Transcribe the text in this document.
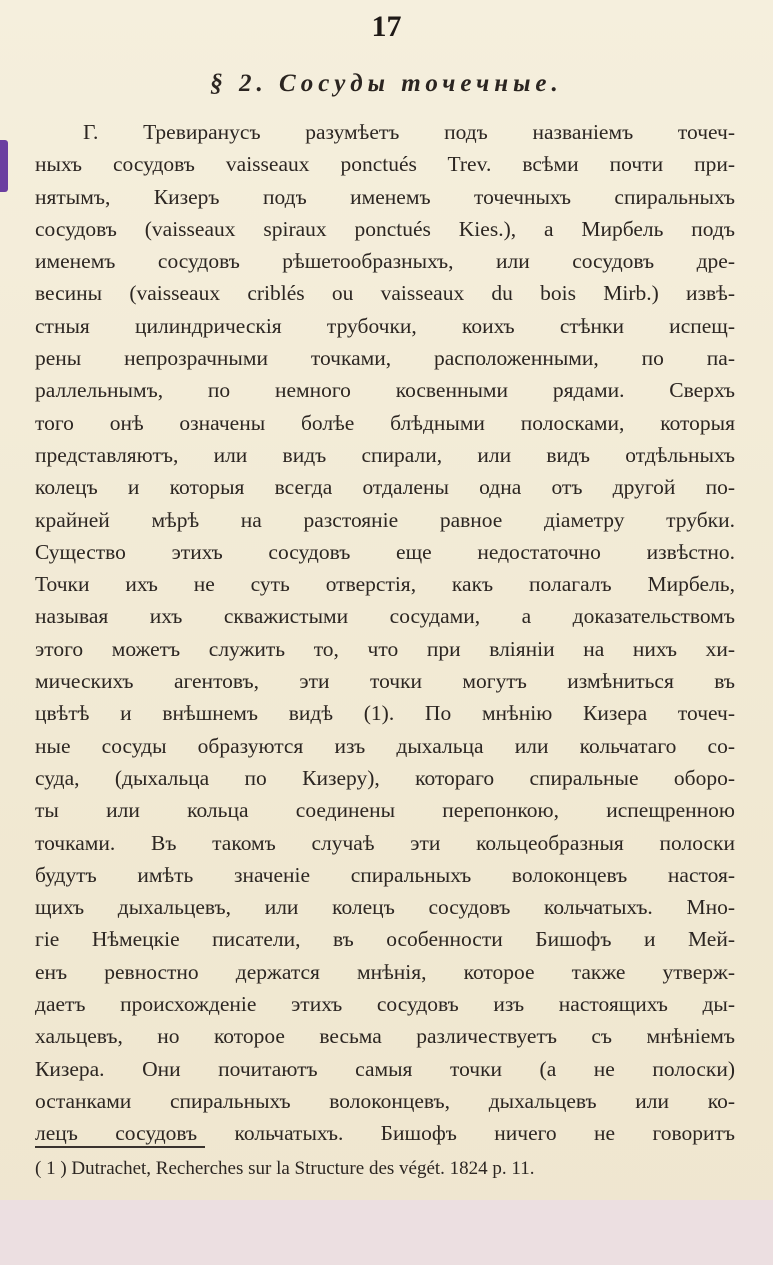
17
§ 2. Сосуды точечные.
Г. Тревиранусъ разумѣетъ подъ названіемъ точеч-
ныхъ сосудовъ vaisseaux ponctués Trev. всѣми почти при-
нятымъ, Кизеръ подъ именемъ точечныхъ спиральныхъ
сосудовъ (vaisseaux spiraux ponctués Kies.), а Мирбель подъ
именемъ сосудовъ рѣшетообразныхъ, или сосудовъ дре-
весины (vaisseaux criblés ou vaisseaux du bois Mirb.) извѣ-
стныя цилиндрическія трубочки, коихъ стѣнки испещ-
рены непрозрачными точками, расположенными, по па-
раллельнымъ, по немного косвенными рядами. Сверхъ
того онѣ означены болѣе блѣдными полосками, которыя
представляютъ, или видъ спирали, или видъ отдѣльныхъ
колецъ и которыя всегда отдалены одна отъ другой по-
крайней мѣрѣ на разстояніе равное діаметру трубки.
Существо этихъ сосудовъ еще недостаточно извѣстно.
Точки ихъ не суть отверстія, какъ полагалъ Мирбель,
называя ихъ скважистыми сосудами, а доказательствомъ
этого можетъ служить то, что при вліяніи на нихъ хи-
мическихъ агентовъ, эти точки могутъ измѣниться въ
цвѣтѣ и внѣшнемъ видѣ (1). По мнѣнію Кизера точеч-
ные сосуды образуются изъ дыхальца или кольчатаго со-
суда, (дыхальца по Кизеру), котораго спиральные оборо-
ты или кольца соединены перепонкою, испещренною
точками. Въ такомъ случаѣ эти кольцеобразныя полоски
будутъ имѣть значеніе спиральныхъ волоконцевъ настоя-
щихъ дыхальцевъ, или колецъ сосудовъ кольчатыхъ. Мно-
гіе Нѣмецкіе писатели, въ особенности Бишофъ и Мей-
енъ ревностно держатся мнѣнія, которое также утверж-
даетъ происхожденіе этихъ сосудовъ изъ настоящихъ ды-
хальцевъ, но которое весьма различествуетъ съ мнѣніемъ
Кизера. Они почитаютъ самыя точки (а не полоски)
останками спиральныхъ волоконцевъ, дыхальцевъ или ко-
лецъ сосудовъ кольчатыхъ. Бишофъ ничего не говоритъ
( 1 ) Dutrachet, Recherches sur la Structure des végét. 1824 p. 11.
